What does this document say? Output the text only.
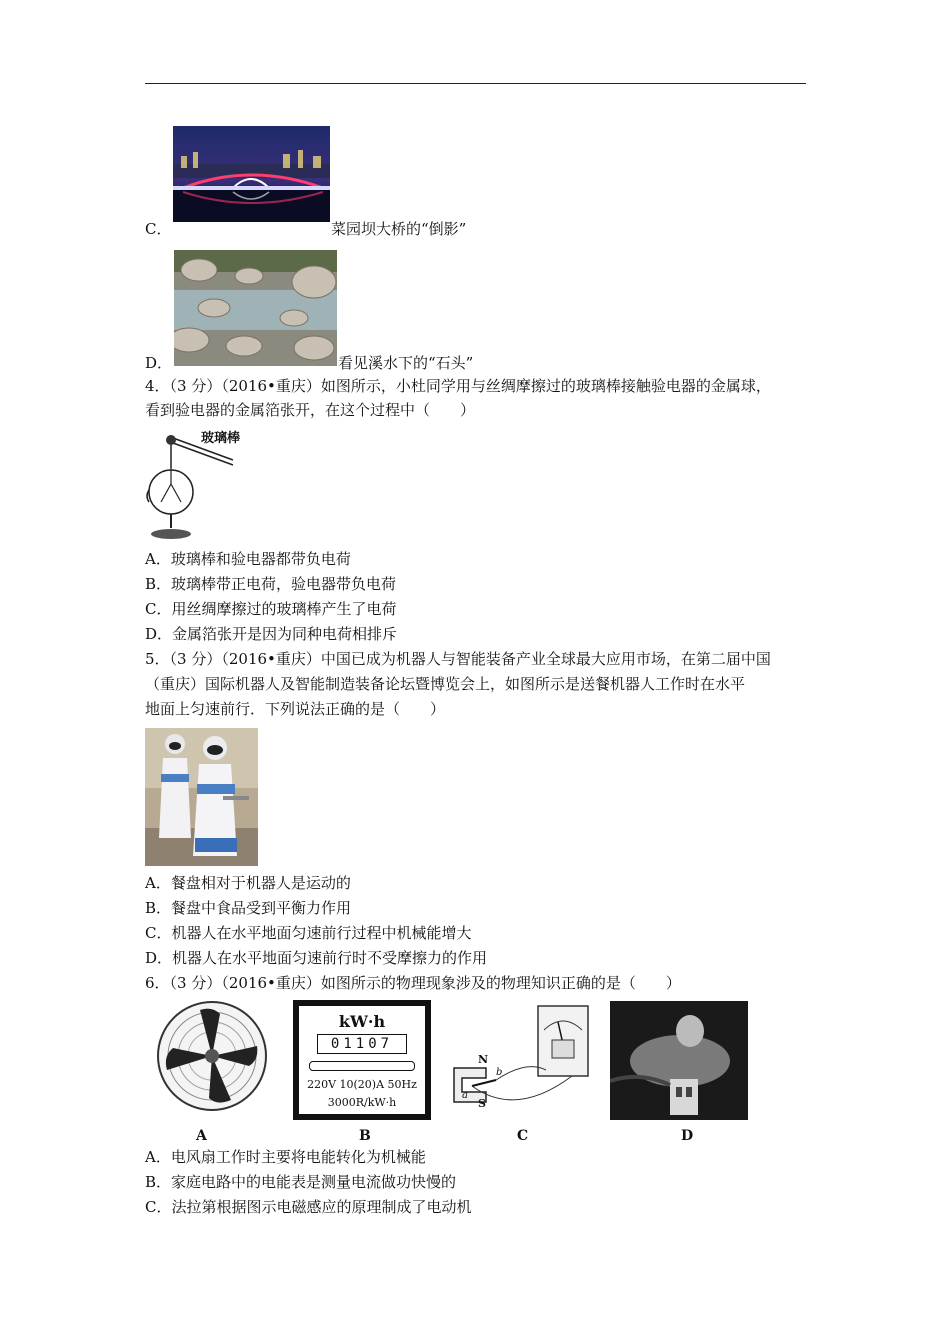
C．	菜园坝大桥的“倒影”
D．	看见溪水下的“石头”
4．（3 分）（2016•重庆）如图所示，小杜同学用与丝绸摩擦过的玻璃棒接触验电器的金属球，
看到验电器的金属箔张开，在这个过程中（　　）
玻璃棒
A．玻璃棒和验电器都带负电荷
B．玻璃棒带正电荷，验电器带负电荷
C．用丝绸摩擦过的玻璃棒产生了电荷
D．金属箔张开是因为同种电荷相排斥
5．（3 分）（2016•重庆）中国已成为机器人与智能装备产业全球最大应用市场，在第二届中国
（重庆）国际机器人及智能制造装备论坛暨博览会上，如图所示是送餐机器人工作时在水平
地面上匀速前行．下列说法正确的是（　　）
A．餐盘相对于机器人是运动的
B．餐盘中食品受到平衡力作用
C．机器人在水平地面匀速前行过程中机械能增大
D．机器人在水平地面匀速前行时不受摩擦力的作用
6．（3 分）（2016•重庆）如图所示的物理现象涉及的物理知识正确的是（　　）
A
kW·h
01107
220V 10(20)A 50Hz
3000R/kW·h
B
N
S
a
b
C	D
A．电风扇工作时主要将电能转化为机械能
B．家庭电路中的电能表是测量电流做功快慢的
C．法拉第根据图示电磁感应的原理制成了电动机
